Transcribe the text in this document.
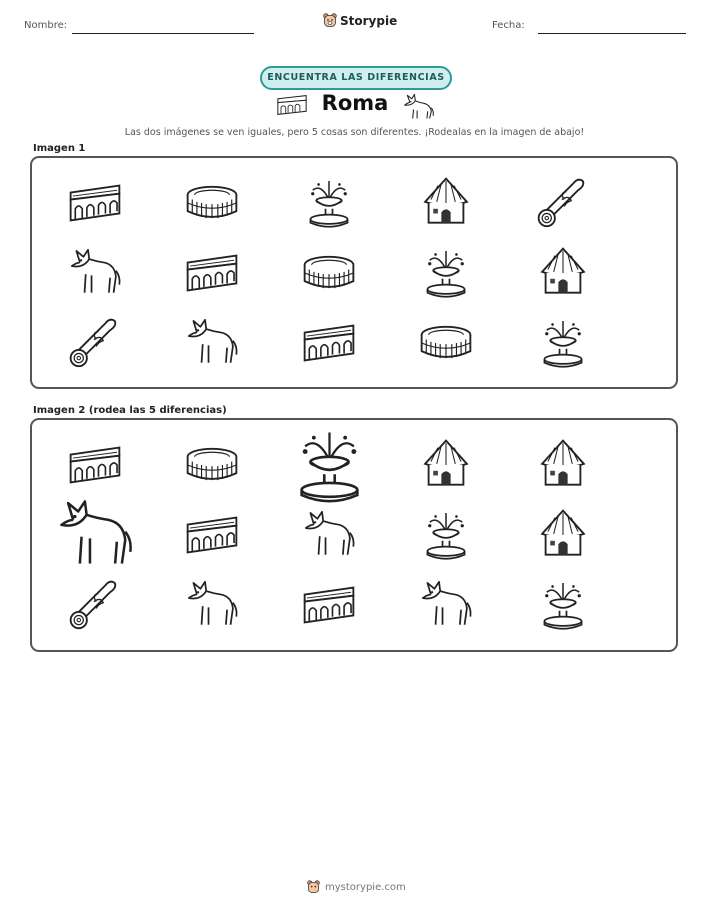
Nombre:	Storypie	Fecha:
ENCUENTRA LAS DIFERENCIAS
Roma
Las dos imágenes se ven iguales, pero 5 cosas son diferentes. ¡Rodealas en la imagen de abajo!
Imagen 1
Imagen 2 (rodea las 5 diferencias)
mystorypie.com
